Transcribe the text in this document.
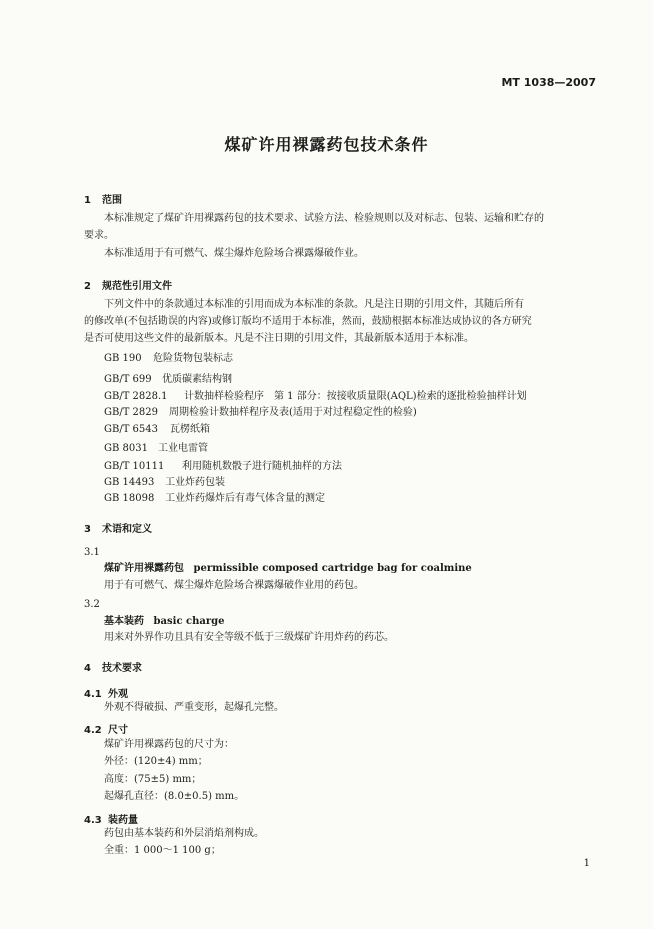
MT 1038—2007
煤矿许用裸露药包技术条件
1 范围
本标准规定了煤矿许用裸露药包的技术要求、试验方法、检验规则以及对标志、包装、运输和贮存的
要求。
本标准适用于有可燃气、煤尘爆炸危险场合裸露爆破作业。
2 规范性引用文件
下列文件中的条款通过本标准的引用而成为本标准的条款。凡是注日期的引用文件，其随后所有
的修改单(不包括勘误的内容)或修订版均不适用于本标准，然而，鼓励根据本标准达成协议的各方研究
是否可使用这些文件的最新版本。凡是不注日期的引用文件，其最新版本适用于本标准。
GB 190 危险货物包装标志
GB/T 699 优质碳素结构钢
GB/T 2828.1 计数抽样检验程序　第 1 部分：按接收质量限(AQL)检索的逐批检验抽样计划
GB/T 2829 周期检验计数抽样程序及表(适用于对过程稳定性的检验)
GB/T 6543 瓦楞纸箱
GB 8031 工业电雷管
GB/T 10111 利用随机数骰子进行随机抽样的方法
GB 14493 工业炸药包装
GB 18098 工业炸药爆炸后有毒气体含量的测定
3 术语和定义
3.1
煤矿许用裸露药包 permissible composed cartridge bag for coalmine
用于有可燃气、煤尘爆炸危险场合裸露爆破作业用的药包。
3.2
基本装药 basic charge
用来对外界作功且具有安全等级不低于三级煤矿许用炸药的药芯。
4 技术要求
4.1 外观
外观不得破损、严重变形，起爆孔完整。
4.2 尺寸
煤矿许用裸露药包的尺寸为：
外径：(120±4) mm；
高度：(75±5) mm；
起爆孔直径：(8.0±0.5) mm。
4.3 装药量
药包由基本装药和外层消焰剂构成。
全重：1 000～1 100 g；
1
